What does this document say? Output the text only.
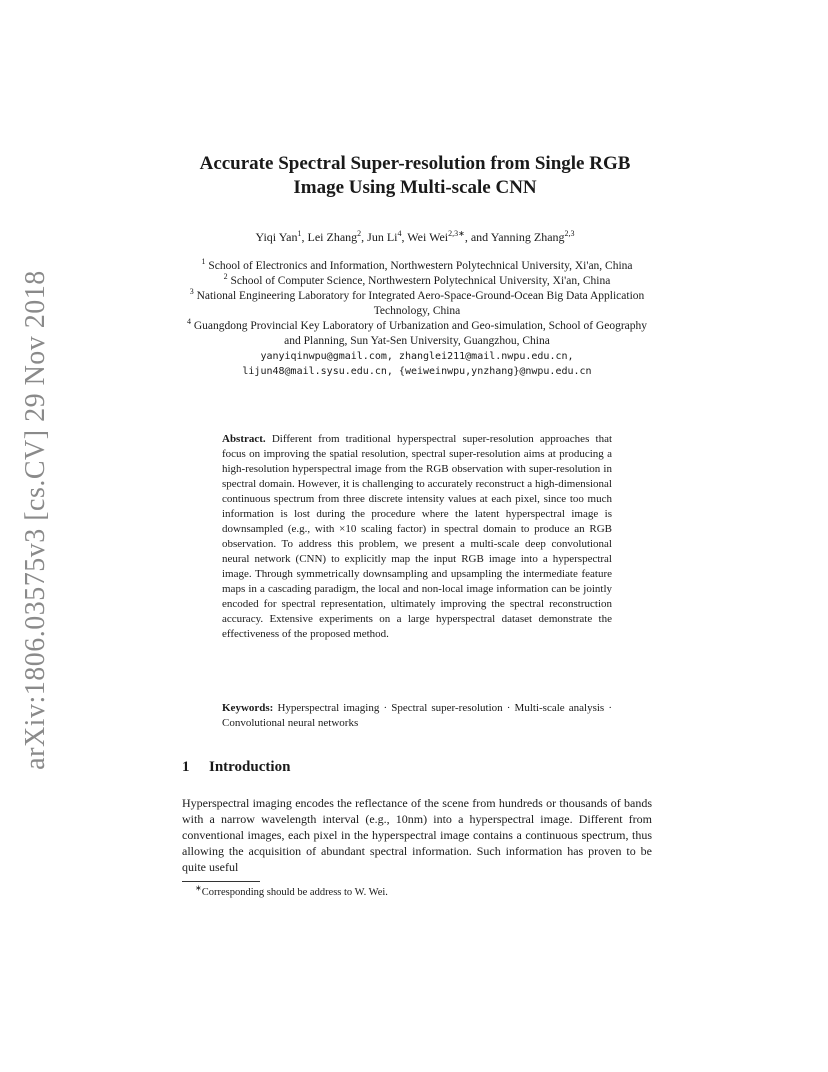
arXiv:1806.03575v3 [cs.CV] 29 Nov 2018
Accurate Spectral Super-resolution from Single RGB Image Using Multi-scale CNN
Yiqi Yan$^1$, Lei Zhang$^2$, Jun Li$^4$, Wei Wei$^{2,3∗}$, and Yanning Zhang$^{2,3}$

$^1$ School of Electronics and Information, Northwestern Polytechnical University, Xi'an, China

$^2$ School of Computer Science, Northwestern Polytechnical University, Xi'an, China

$^3$ National Engineering Laboratory for Integrated Aero-Space-Ground-Ocean Big Data Application Technology, China

$^4$ Guangdong Provincial Key Laboratory of Urbanization and Geo-simulation, School of Geography and Planning, Sun Yat-Sen University, Guangzhou, China

yanyiqinwpu@gmail.com, zhanglei211@mail.nwpu.edu.cn,
lijun48@mail.sysu.edu.cn, {weiweinwpu,ynzhang}@nwpu.edu.cn
Abstract. Different from traditional hyperspectral super-resolution approaches that focus on improving the spatial resolution, spectral super-resolution aims at producing a high-resolution hyperspectral image from the RGB observation with super-resolution in spectral domain. However, it is challenging to accurately reconstruct a high-dimensional continuous spectrum from three discrete intensity values at each pixel, since too much information is lost during the procedure where the latent hyperspectral image is downsampled (e.g., with ×10 scaling factor) in spectral domain to produce an RGB observation. To address this problem, we present a multi-scale deep convolutional neural network (CNN) to explicitly map the input RGB image into a hyperspectral image. Through symmetrically downsampling and upsampling the intermediate feature maps in a cascading paradigm, the local and non-local image information can be jointly encoded for spectral representation, ultimately improving the spectral reconstruction accuracy. Extensive experiments on a large hyperspectral dataset demonstrate the effectiveness of the proposed method.
Keywords: Hyperspectral imaging · Spectral super-resolution · Multi-scale analysis · Convolutional neural networks
1 Introduction
Hyperspectral imaging encodes the reflectance of the scene from hundreds or thousands of bands with a narrow wavelength interval (e.g., 10nm) into a hyperspectral image. Different from conventional images, each pixel in the hyperspectral image contains a continuous spectrum, thus allowing the acquisition of abundant spectral information. Such information has proven to be quite useful
∗Corresponding should be address to W. Wei.
